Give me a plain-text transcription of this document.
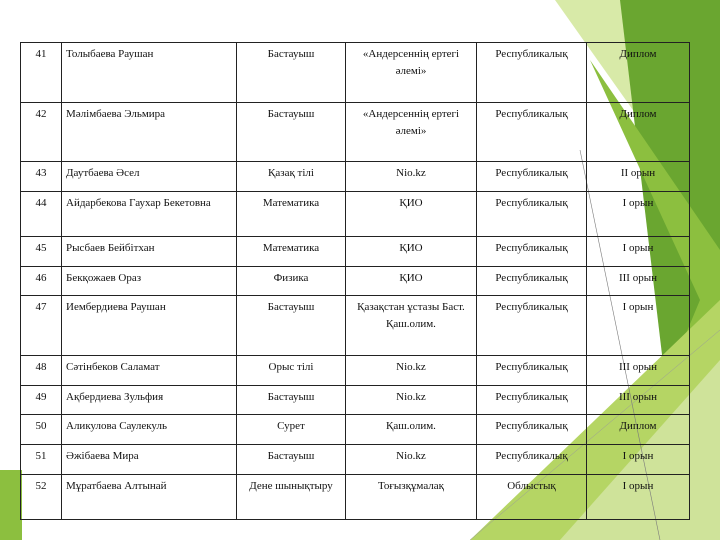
41	Толыбаева Раушан	Бастауыш	«Андерсеннің ертегі әлемі»	Республикалық	Диплом
42	Мәлімбаева Эльмира	Бастауыш	«Андерсеннің ертегі әлемі»	Республикалық	Диплом
43	Даутбаева Әсел	Қазақ тілі	Nio.kz	Республикалық	ІІ орын
44	Айдарбекова Гаухар Бекетовна	Математика	ҚИО	Республикалық	І орын
45	Рысбаев Бейбітхан	Математика	ҚИО	Республикалық	І орын
46	Бекқожаев Ораз	Физика	ҚИО	Республикалық	ІІІ орын
47	Иембердиева Раушан	Бастауыш	Қазақстан ұстазы Баст. Қаш.олим.	Республикалық	І орын
48	Сәтінбеков Саламат	Орыс тілі	Nio.kz	Республикалық	ІІІ орын
49	Ақбердиева Зульфия	Бастауыш	Nio.kz	Республикалық	ІІІ орын
50	Аликулова Саулекуль	Сурет	Қаш.олим.	Республикалық	Диплом
51	Әжібаева Мира	Бастауыш	Nio.kz	Республикалық	І орын
52	Мұратбаева Алтынай	Дене шынықтыру	Тоғызқұмалақ	Облыстық	І орын
